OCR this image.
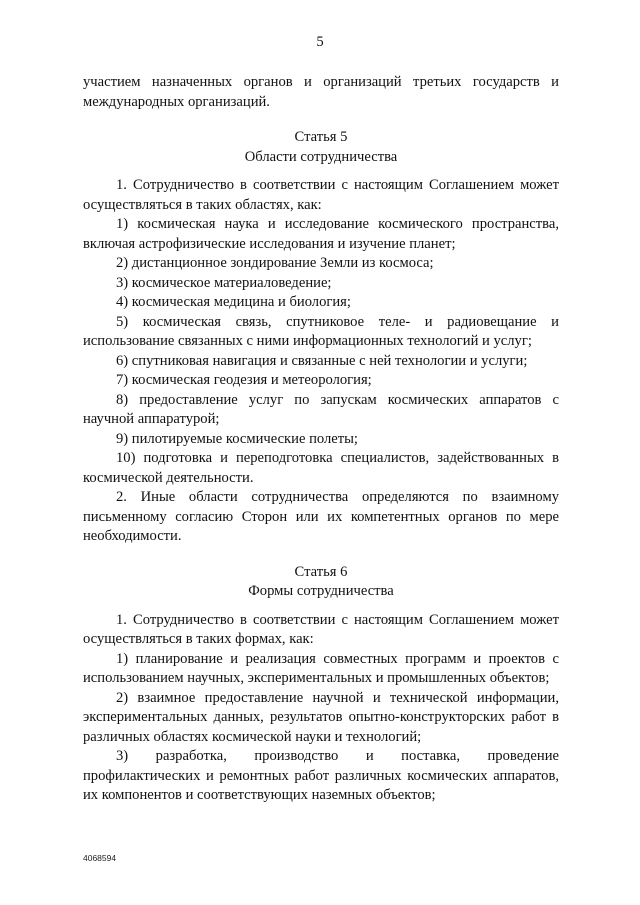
5

участием назначенных органов и организаций третьих государств и международных организаций.

Статья 5

Области сотрудничества

1. Сотрудничество в соответствии с настоящим Соглашением может осуществляться в таких областях, как:

1) космическая наука и исследование космического пространства, включая астрофизические исследования и изучение планет;

2) дистанционное зондирование Земли из космоса;

3) космическое материаловедение;

4) космическая медицина и биология;

5) космическая связь, спутниковое теле- и радиовещание и использование связанных с ними информационных технологий и услуг;

6) спутниковая навигация и связанные с ней технологии и услуги;

7) космическая геодезия и метеорология;

8) предоставление услуг по запускам космических аппаратов с научной аппаратурой;

9) пилотируемые космические полеты;

10) подготовка и переподготовка специалистов, задействованных в космической деятельности.

2. Иные области сотрудничества определяются по взаимному письменному согласию Сторон или их компетентных органов по мере необходимости.

Статья 6

Формы сотрудничества

1. Сотрудничество в соответствии с настоящим Соглашением может осуществляться в таких формах, как:

1) планирование и реализация совместных программ и проектов с использованием научных, экспериментальных и промышленных объектов;

2) взаимное предоставление научной и технической информации, экспериментальных данных, результатов опытно-конструкторских работ в различных областях космической науки и технологий;

3) разработка, производство и поставка, проведение профилактических и ремонтных работ различных космических аппаратов, их компонентов и соответствующих наземных объектов;

4068594
